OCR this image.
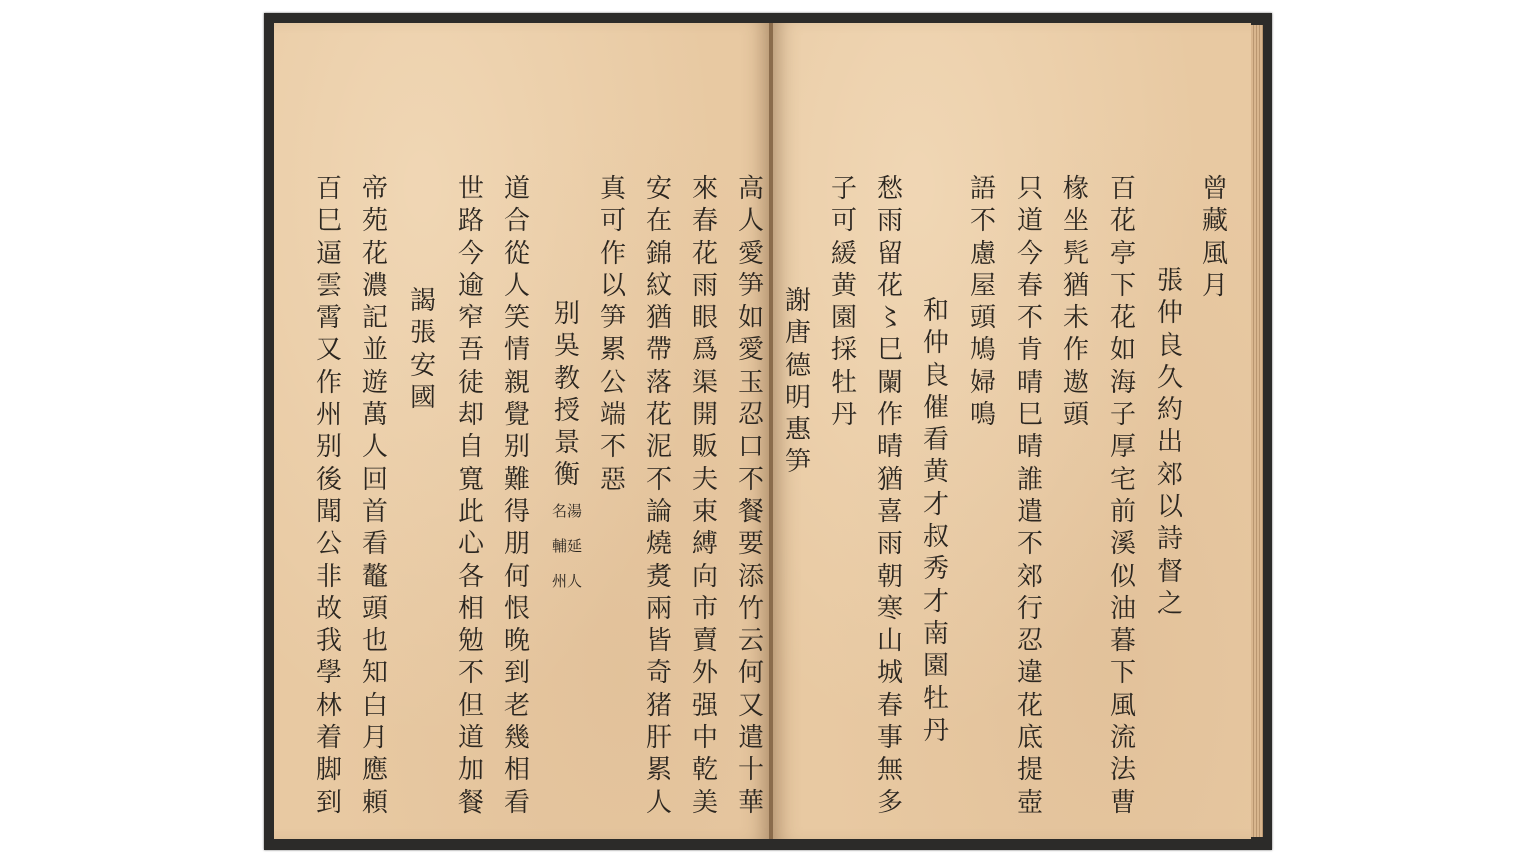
高人愛笋如愛玉忍口不餐要添竹云何又遣十華
來春花雨眼爲渠開販夫束縛向市賣外强中乾美
安在錦紋猶帶落花泥不論燒煑兩皆奇猪肝累人
真可作以笋累公端不惡
别吳教授景衡名湯輔延州人
道合從人笑情親覺别難得朋何恨晚到老幾相看
世路今逾窄吾徒却自寬此心各相勉不但道加餐
謁張安國
帝苑花濃記並遊萬人回首看鼇頭也知白月應頼
百巳逼雲霄又作州别後聞公非故我學林着脚到
曾藏風月
張仲良久約出郊以詩督之
百花亭下花如海子厚宅前溪似油暮下風流法曹
椽坐髠猶未作遨頭
只道今春不肯晴巳晴誰遣不郊行忍違花底提壺
語不慮屋頭鳩婦鳴
和仲良催看黄才叔秀才南園牡丹
愁雨留花〻巳闌作晴猶喜雨朝寒山城春事無多
子可緩黄園採牡丹
謝唐德明惠笋
